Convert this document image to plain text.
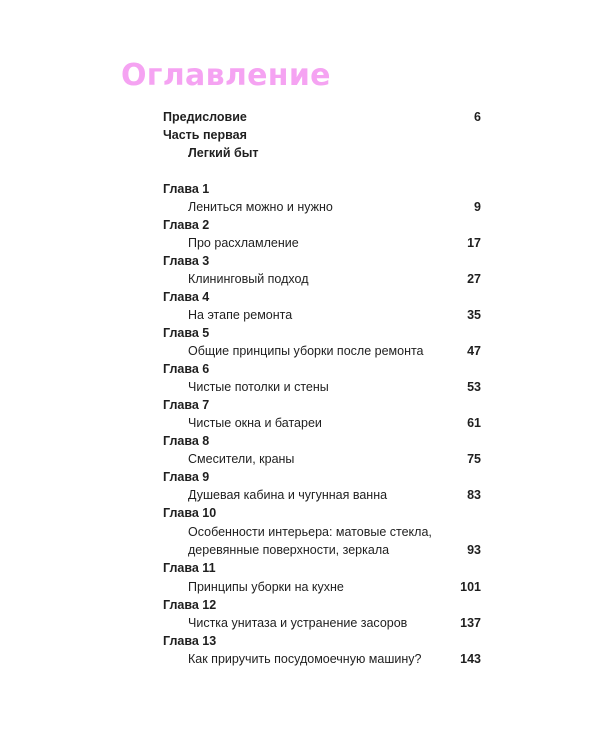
Оглавление
Предисловие	6
Часть первая
Легкий быт
Глава 1
Лениться можно и нужно	9
Глава 2
Про расхламление	17
Глава 3
Клининговый подход	27
Глава 4
На этапе ремонта	35
Глава 5
Общие принципы уборки после ремонта	47
Глава 6
Чистые потолки и стены	53
Глава 7
Чистые окна и батареи	61
Глава 8
Смесители, краны	75
Глава 9
Душевая кабина и чугунная ванна	83
Глава 10
Особенности интерьера: матовые стекла,
деревянные поверхности, зеркала	93
Глава 11
Принципы уборки на кухне	101
Глава 12
Чистка унитаза и устранение засоров	137
Глава 13
Как приручить посудомоечную машину?	143
